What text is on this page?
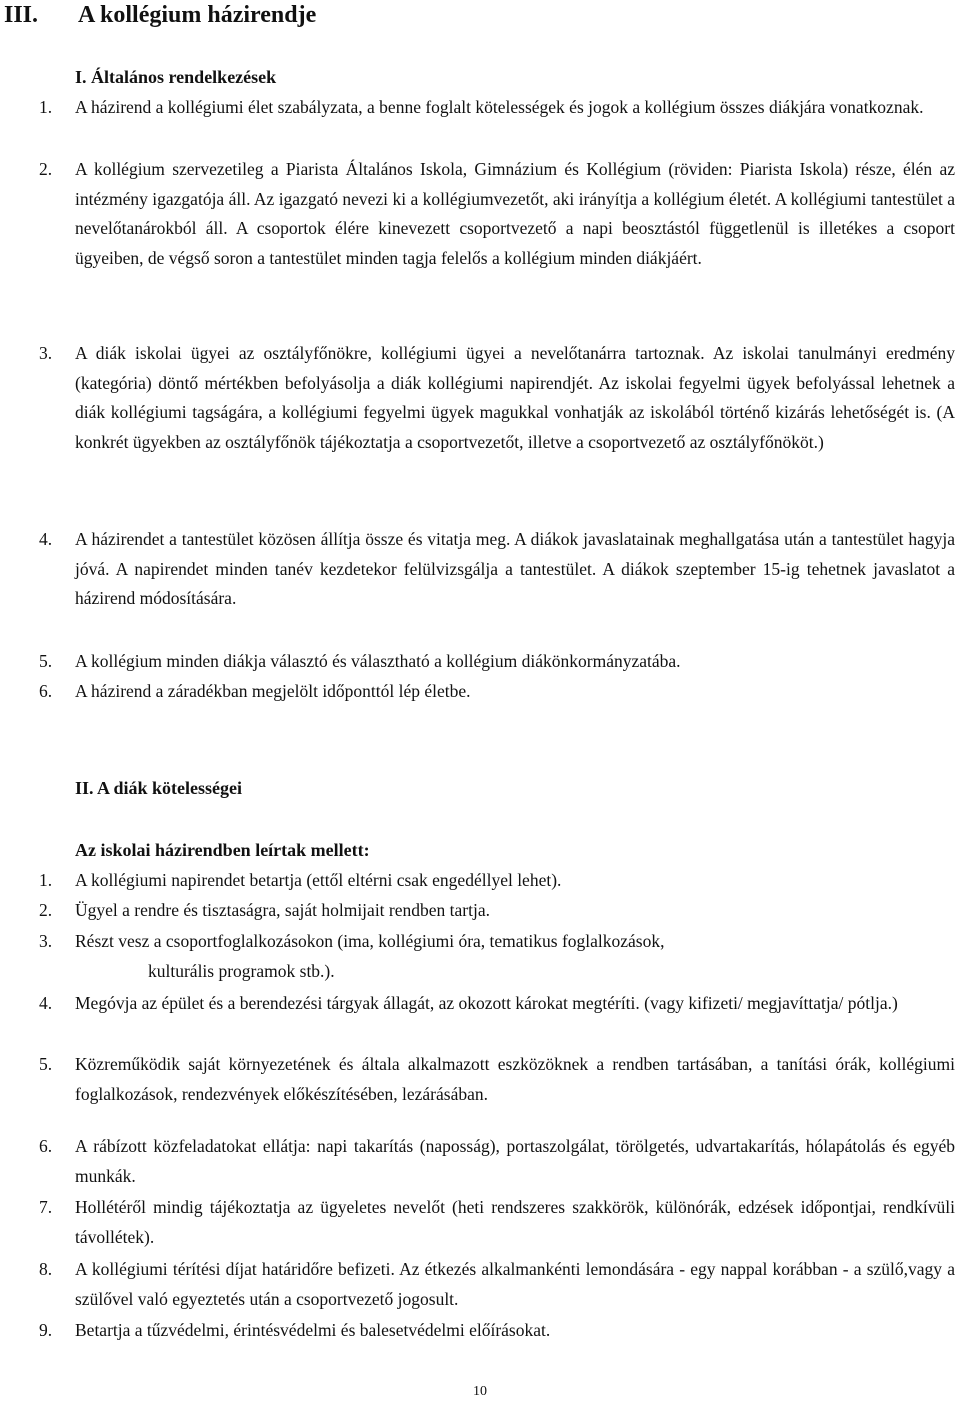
III. A kollégium házirendje
I. Általános rendelkezések
1. A házirend a kollégiumi élet szabályzata, a benne foglalt kötelességek és jogok a kollégium összes diákjára vonatkoznak.
2. A kollégium szervezetileg a Piarista Általános Iskola, Gimnázium és Kollégium (röviden: Piarista Iskola) része, élén az intézmény igazgatója áll. Az igazgató nevezi ki a kollégiumvezetőt, aki irányítja a kollégium életét. A kollégiumi tantestület a nevelőtanárokból áll. A csoportok élére kinevezett csoportvezető a napi beosztástól függetlenül is illetékes a csoport ügyeiben, de végső soron a tantestület minden tagja felelős a kollégium minden diákjáért.
3. A diák iskolai ügyei az osztályfőnökre, kollégiumi ügyei a nevelőtanárra tartoznak. Az iskolai tanulmányi eredmény (kategória) döntő mértékben befolyásolja a diák kollégiumi napirendjét. Az iskolai fegyelmi ügyek befolyással lehetnek a diák kollégiumi tagságára, a kollégiumi fegyelmi ügyek magukkal vonhatják az iskolából történő kizárás lehetőségét is. (A konkrét ügyekben az osztályfőnök tájékoztatja a csoportvezetőt, illetve a csoportvezető az osztályfőnököt.)
4. A házirendet a tantestület közösen állítja össze és vitatja meg. A diákok javaslatainak meghallgatása után a tantestület hagyja jóvá. A napirendet minden tanév kezdetekor felülvizsgálja a tantestület. A diákok szeptember 15-ig tehetnek javaslatot a házirend módosítására.
5. A kollégium minden diákja választó és választható a kollégium diákönkormányzatába.
6. A házirend a záradékban megjelölt időponttól lép életbe.
II. A diák kötelességei
Az iskolai házirendben leírtak mellett:
1. A kollégiumi napirendet betartja (ettől eltérni csak engedéllyel lehet).
2. Ügyel a rendre és tisztaságra, saját holmijait rendben tartja.
3. Részt vesz a csoportfoglalkozásokon (ima, kollégiumi óra, tematikus foglalkozások,
kulturális programok stb.).
4. Megóvja az épület és a berendezési tárgyak állagát, az okozott károkat megtéríti. (vagy kifizeti/ megjavíttatja/ pótlja.)
5. Közreműködik saját környezetének és általa alkalmazott eszközöknek a rendben tartásában, a tanítási órák, kollégiumi foglalkozások, rendezvények előkészítésében, lezárásában.
6. A rábízott közfeladatokat ellátja: napi takarítás (naposság), portaszolgálat, törölgetés, udvartakarítás, hólapátolás és egyéb munkák.
7. Hollétéről mindig tájékoztatja az ügyeletes nevelőt (heti rendszeres szakkörök, különórák, edzések időpontjai, rendkívüli távollétek).
8. A kollégiumi térítési díjat határidőre befizeti. Az étkezés alkalmankénti lemondására - egy nappal korábban - a szülő,vagy a szülővel való egyeztetés után a csoportvezető jogosult.
9. Betartja a tűzvédelmi, érintésvédelmi és balesetvédelmi előírásokat.
10
